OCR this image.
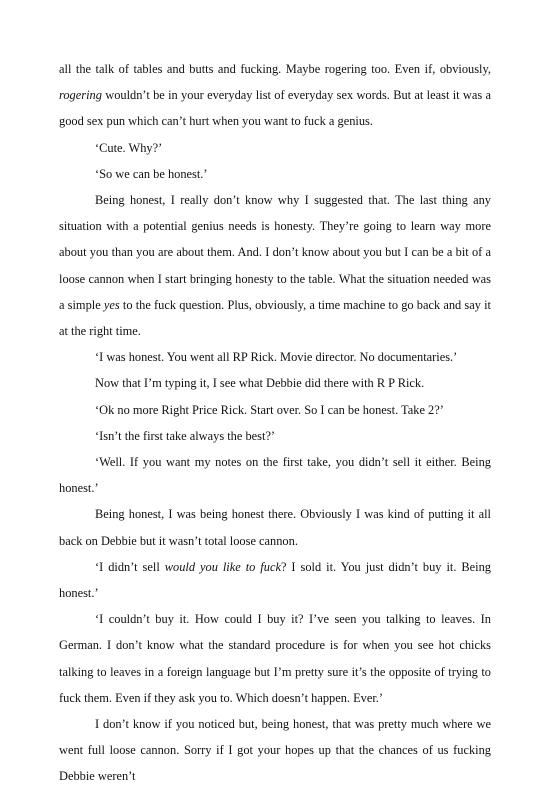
all the talk of tables and butts and fucking. Maybe rogering too. Even if, obviously, rogering wouldn’t be in your everyday list of everyday sex words. But at least it was a good sex pun which can’t hurt when you want to fuck a genius.

‘Cute. Why?’

‘So we can be honest.’

Being honest, I really don’t know why I suggested that. The last thing any situation with a potential genius needs is honesty. They’re going to learn way more about you than you are about them. And. I don’t know about you but I can be a bit of a loose cannon when I start bringing honesty to the table. What the situation needed was a simple yes to the fuck question. Plus, obviously, a time machine to go back and say it at the right time.

‘I was honest. You went all RP Rick. Movie director. No documentaries.’

Now that I’m typing it, I see what Debbie did there with R P Rick.

‘Ok no more Right Price Rick. Start over. So I can be honest. Take 2?’

‘Isn’t the first take always the best?’

‘Well. If you want my notes on the first take, you didn’t sell it either. Being honest.’

Being honest, I was being honest there. Obviously I was kind of putting it all back on Debbie but it wasn’t total loose cannon.

‘I didn’t sell would you like to fuck? I sold it. You just didn’t buy it. Being honest.’

‘I couldn’t buy it. How could I buy it? I’ve seen you talking to leaves. In German. I don’t know what the standard procedure is for when you see hot chicks talking to leaves in a foreign language but I’m pretty sure it’s the opposite of trying to fuck them. Even if they ask you to. Which doesn’t happen. Ever.’

I don’t know if you noticed but, being honest, that was pretty much where we went full loose cannon. Sorry if I got your hopes up that the chances of us fucking Debbie weren’t
